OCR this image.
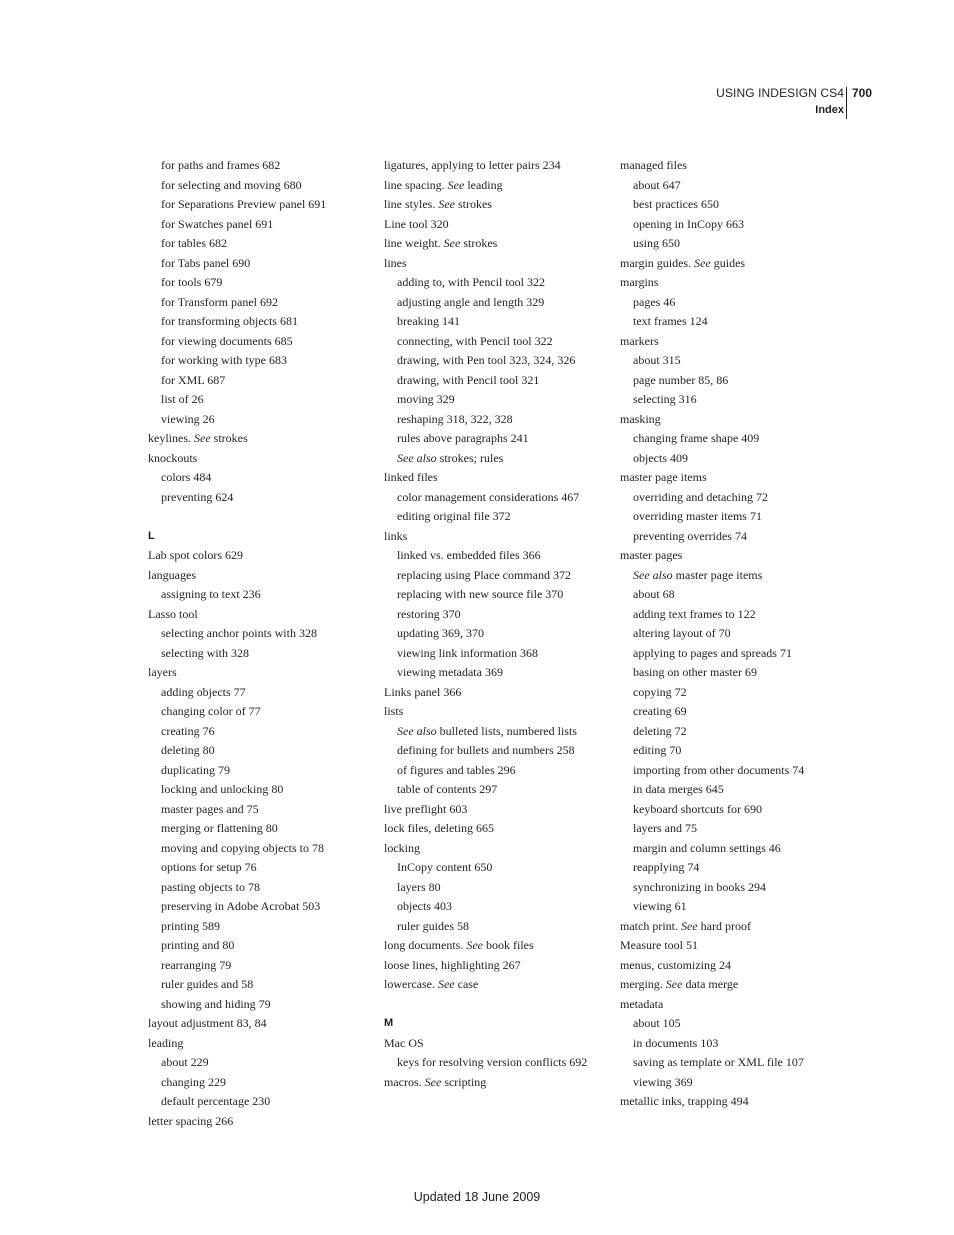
USING INDESIGN CS4 700
Index
for paths and frames 682
for selecting and moving 680
for Separations Preview panel 691
for Swatches panel 691
for tables 682
for Tabs panel 690
for tools 679
for Transform panel 692
for transforming objects 681
for viewing documents 685
for working with type 683
for XML 687
list of 26
viewing 26
keylines. See strokes
knockouts
colors 484
preventing 624
L
Lab spot colors 629
languages
assigning to text 236
Lasso tool
selecting anchor points with 328
selecting with 328
layers
adding objects 77
changing color of 77
creating 76
deleting 80
duplicating 79
locking and unlocking 80
master pages and 75
merging or flattening 80
moving and copying objects to 78
options for setup 76
pasting objects to 78
preserving in Adobe Acrobat 503
printing 589
printing and 80
rearranging 79
ruler guides and 58
showing and hiding 79
layout adjustment 83, 84
leading
about 229
changing 229
default percentage 230
letter spacing 266
ligatures, applying to letter pairs 234
line spacing. See leading
line styles. See strokes
Line tool 320
line weight. See strokes
lines
adding to, with Pencil tool 322
adjusting angle and length 329
breaking 141
connecting, with Pencil tool 322
drawing, with Pen tool 323, 324, 326
drawing, with Pencil tool 321
moving 329
reshaping 318, 322, 328
rules above paragraphs 241
See also strokes; rules
linked files
color management considerations 467
editing original file 372
links
linked vs. embedded files 366
replacing using Place command 372
replacing with new source file 370
restoring 370
updating 369, 370
viewing link information 368
viewing metadata 369
Links panel 366
lists
See also bulleted lists, numbered lists
defining for bullets and numbers 258
of figures and tables 296
table of contents 297
live preflight 603
lock files, deleting 665
locking
InCopy content 650
layers 80
objects 403
ruler guides 58
long documents. See book files
loose lines, highlighting 267
lowercase. See case
M
Mac OS
keys for resolving version conflicts 692
macros. See scripting
managed files
about 647
best practices 650
opening in InCopy 663
using 650
margin guides. See guides
margins
pages 46
text frames 124
markers
about 315
page number 85, 86
selecting 316
masking
changing frame shape 409
objects 409
master page items
overriding and detaching 72
overriding master items 71
preventing overrides 74
master pages
See also master page items
about 68
adding text frames to 122
altering layout of 70
applying to pages and spreads 71
basing on other master 69
copying 72
creating 69
deleting 72
editing 70
importing from other documents 74
in data merges 645
keyboard shortcuts for 690
layers and 75
margin and column settings 46
reapplying 74
synchronizing in books 294
viewing 61
match print. See hard proof
Measure tool 51
menus, customizing 24
merging. See data merge
metadata
about 105
in documents 103
saving as template or XML file 107
viewing 369
metallic inks, trapping 494
Updated 18 June 2009
